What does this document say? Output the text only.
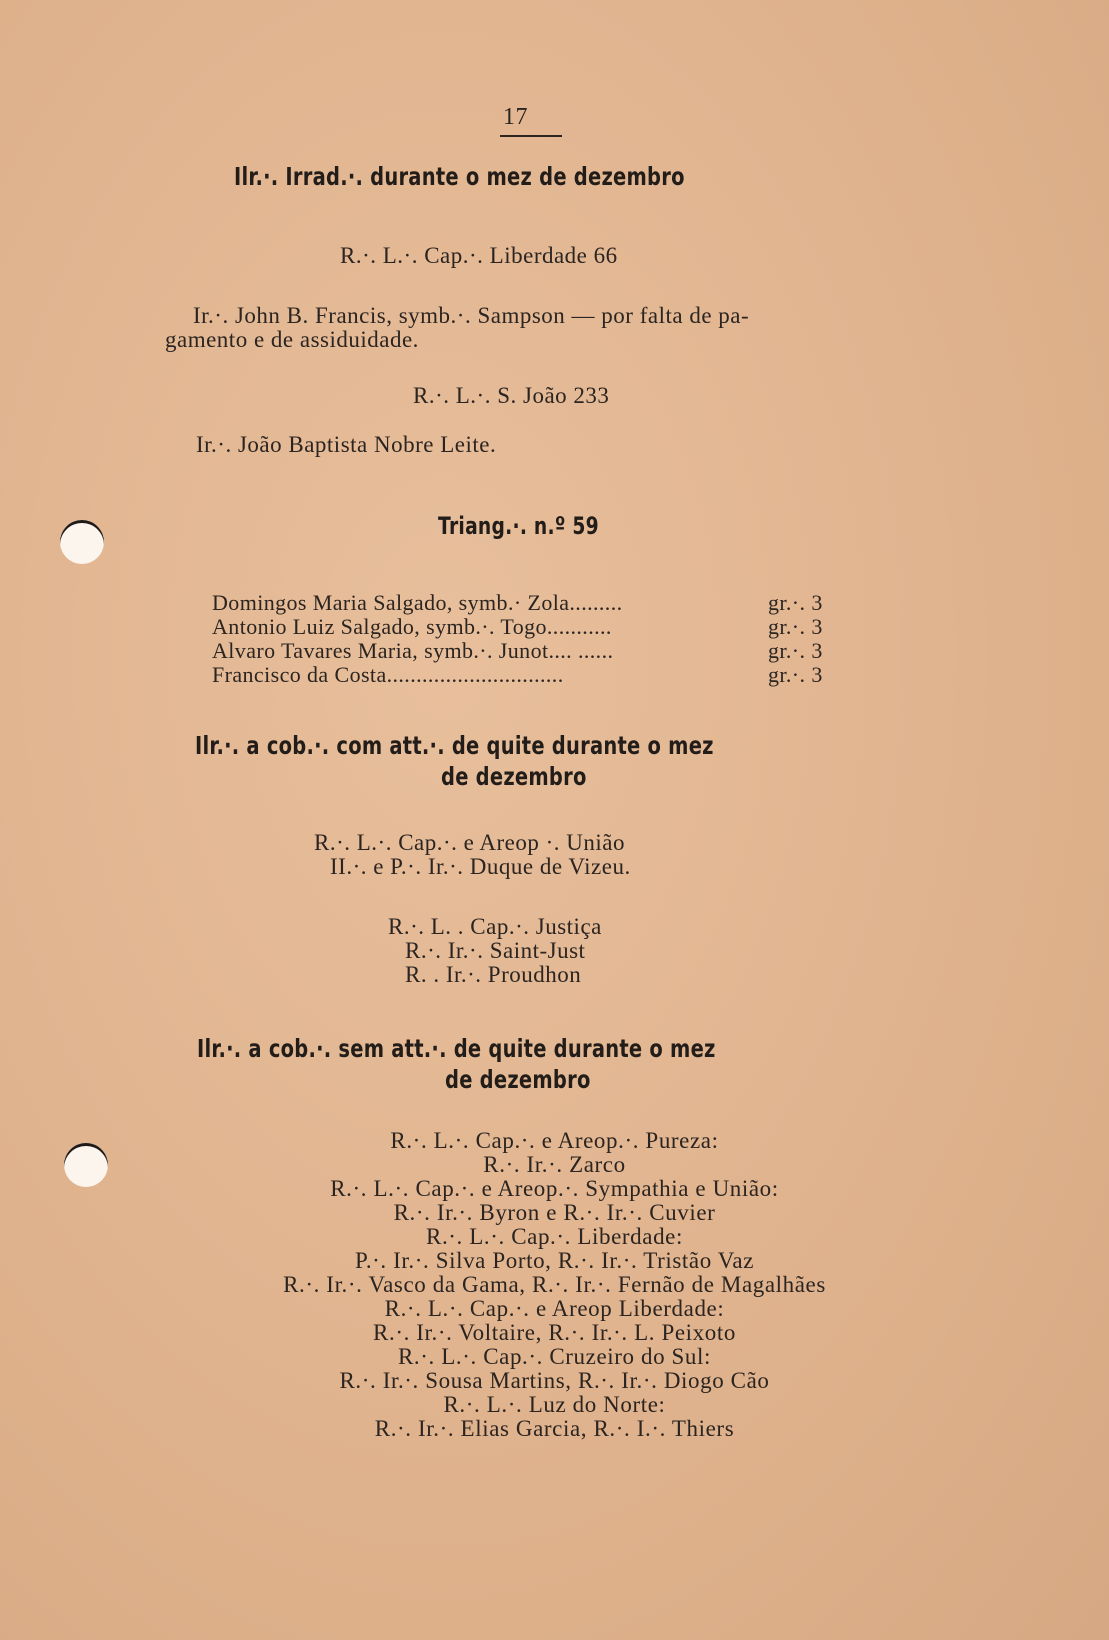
17
Ilr.·. Irrad.·. durante o mez de dezembro
R.·. L.·. Cap.·. Liberdade 66
Ir.·. John B. Francis, symb.·. Sampson — por falta de pa-
gamento e de assiduidade.
R.·. L.·. S. João 233
Ir.·. João Baptista Nobre Leite.
Triang.·. n.º 59
Domingos Maria Salgado, symb.· Zola.........	gr.·. 3
Antonio Luiz Salgado, symb.·. Togo...........	gr.·. 3
Alvaro Tavares Maria, symb.·. Junot.... ......	gr.·. 3
Francisco da Costa..............................	gr.·. 3
Ilr.·. a cob.·. com att.·. de quite durante o mez
de dezembro
R.·. L.·. Cap.·. e Areop ·. União
II.·. e P.·. Ir.·. Duque de Vizeu.
R.·. L. . Cap.·. Justiça
R.·. Ir.·. Saint-Just
R. . Ir.·. Proudhon
Ilr.·. a cob.·. sem att.·. de quite durante o mez
de dezembro
R.·. L.·. Cap.·. e Areop.·. Pureza:
R.·. Ir.·. Zarco
R.·. L.·. Cap.·. e Areop.·. Sympathia e União:
R.·. Ir.·. Byron e R.·. Ir.·. Cuvier
R.·. L.·. Cap.·. Liberdade:
P.·. Ir.·. Silva Porto, R.·. Ir.·. Tristão Vaz
R.·. Ir.·. Vasco da Gama, R.·. Ir.·. Fernão de Magalhães
R.·. L.·. Cap.·. e Areop Liberdade:
R.·. Ir.·. Voltaire, R.·. Ir.·. L. Peixoto
R.·. L.·. Cap.·. Cruzeiro do Sul:
R.·. Ir.·. Sousa Martins, R.·. Ir.·. Diogo Cão
R.·. L.·. Luz do Norte:
R.·. Ir.·. Elias Garcia, R.·. I.·. Thiers
